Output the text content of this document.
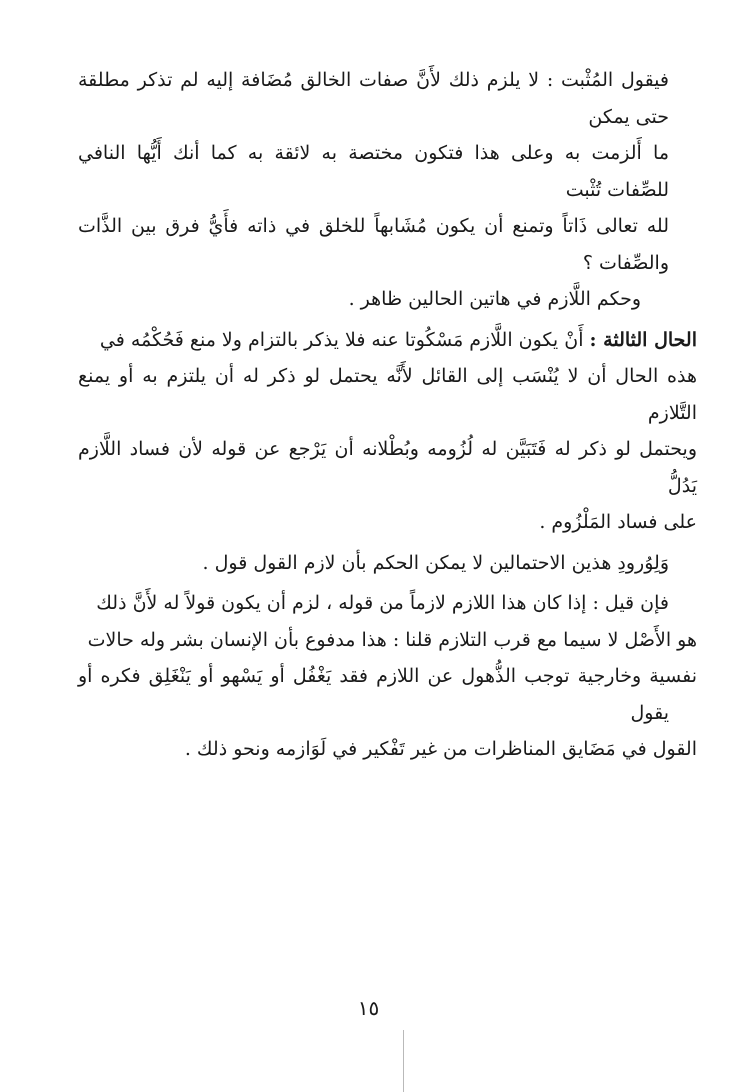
فيقول المُثْبت : لا يلزم ذلك لأَنَّ صفات الخالق مُضَافة إليه لم تذكر مطلقة حتى يمكن
ما أَلزمت به وعلى هذا فتكون مختصة به لائقة به كما أنك أَيُّها النافي للصِّفات تُثْبت
لله تعالى ذَاتاً وتمنع أن يكون مُشَابهاً للخلق في ذاته فأَيُّ فرق بين الذَّات والصِّفات ؟
وحكم اللَّازم في هاتين الحالين ظاهر .

الحال الثالثة : أَنْ يكون اللَّازم مَسْكُوتا عنه فلا يذكر بالتزام ولا منع فَحُكْمُه في
هذه الحال أن لا يُنْسَب إلى القائل لأَنَّه يحتمل لو ذكر له أن يلتزم به أو يمنع التَّلازم
ويحتمل لو ذكر له فَتَبَيَّن له لُزُومه وبُطْلانه أن يَرْجع عن قوله لأن فساد اللَّازم يَدُلُّ
على فساد المَلْزُوم .

وَلِوُرودِ هذين الاحتمالين لا يمكن الحكم بأن لازم القول قول .

فإن قيل : إذا كان هذا اللازم لازماً من قوله ، لزم أن يكون قولاً له لأَنَّ ذلك
هو الأَصْل لا سيما مع قرب التلازم قلنا : هذا مدفوع بأن الإنسان بشر وله حالات
نفسية وخارجية توجب الذُّهول عن اللازم فقد يَغْفُل أو يَسْهو أو يَنْغَلِق فكره أو يقول
القول في مَضَايق المناظرات من غير تَفْكير في لَوَازمه ونحو ذلك .

١٥
